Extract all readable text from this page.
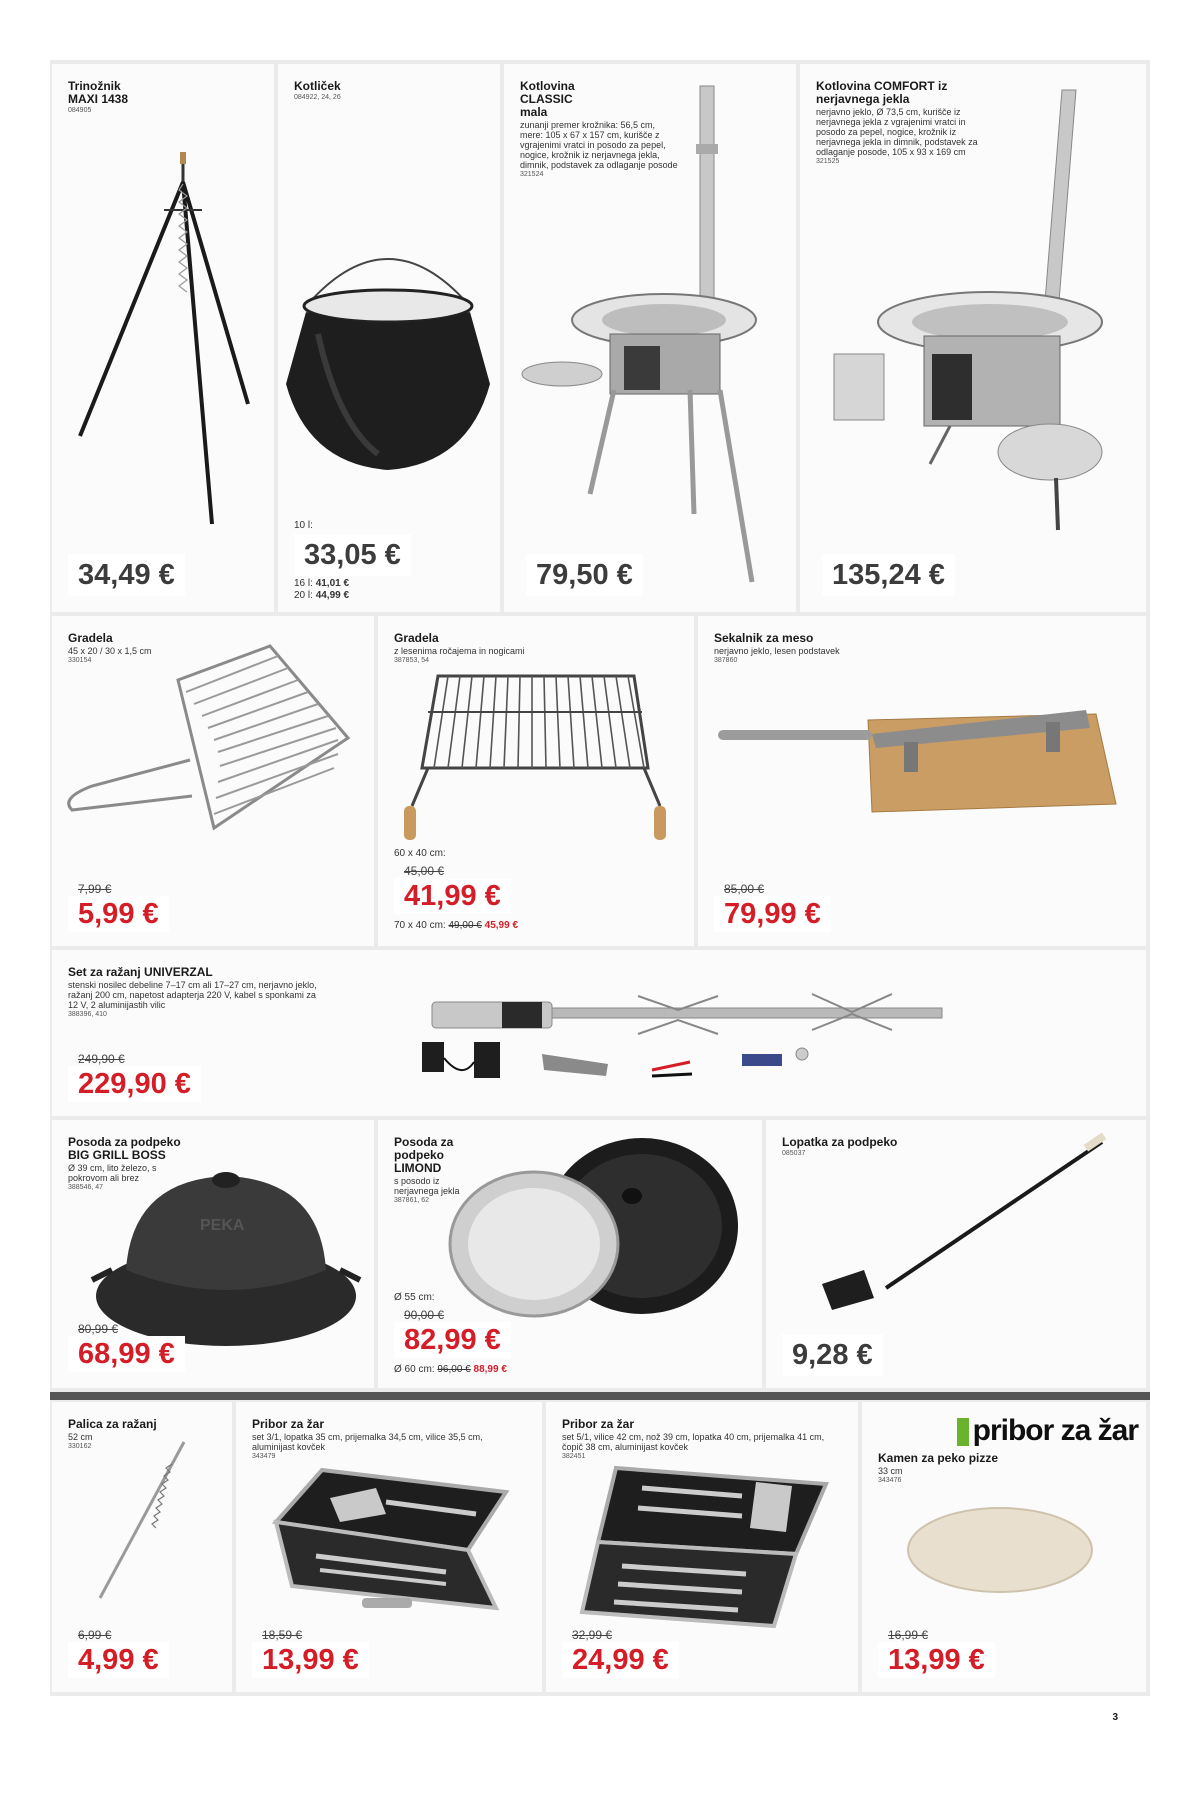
Trinožnik MAXI 1438
084905
34,49 €
Kotliček
084922, 24, 26
10 l:
33,05 €
16 l: 41,01 €
20 l: 44,99 €
Kotlovina CLASSIC mala
zunanji premer krožnika: 56,5 cm, mere: 105 x 67 x 157 cm, kurišče z vgrajenimi vratci in posodo za pepel, nogice, krožnik iz nerjavnega jekla, dimnik, podstavek za odlaganje posode
321524
79,50 €
Kotlovina COMFORT iz nerjavnega jekla
nerjavno jeklo, Ø 73,5 cm, kurišče iz nerjavnega jekla z vgrajenimi vratci in posodo za pepel, nogice, krožnik iz nerjavnega jekla in dimnik, podstavek za odlaganje posode, 105 x 93 x 169 cm
321525
135,24 €
Gradela
45 x 20 / 30 x 1,5 cm
330154
7,99 €
5,99 €
Gradela
z lesenima ročajema in nogicami
387853, 54
60 x 40 cm:
45,00 €
41,99 €
70 x 40 cm: 49,00 € 45,99 €
Sekalnik za meso
nerjavno jeklo, lesen podstavek
387860
85,00 €
79,99 €
Set za ražanj UNIVERZAL
stenski nosilec debeline 7–17 cm ali 17–27 cm, nerjavno jeklo, ražanj 200 cm, napetost adapterja 220 V, kabel s sponkami za 12 V, 2 aluminijastih vilic
388396, 410
249,90 €
229,90 €
Posoda za podpeko BIG GRILL BOSS
Ø 39 cm, lito železo, s pokrovom ali brez
388546, 47
PEKA
80,99 €
68,99 €
Posoda za podpeko
LIMOND
s posodo iz nerjavnega jekla
387861, 62
Ø 55 cm:
90,00 €
82,99 €
Ø 60 cm: 96,00 € 88,99 €
Lopatka za podpeko
085037
9,28 €
Palica za ražanj
52 cm
330162
6,99 €
4,99 €
Pribor za žar
set 3/1, lopatka 35 cm, prijemalka 34,5 cm, vilice 35,5 cm, aluminijast kovček
343479
18,59 €
13,99 €
Pribor za žar
set 5/1, vilice 42 cm, nož 39 cm, lopatka 40 cm, prijemalka 41 cm, čopič 38 cm, aluminijast kovček
382451
32,99 €
24,99 €
pribor za žar
Kamen za peko pizze
33 cm
343476
16,99 €
13,99 €
3
